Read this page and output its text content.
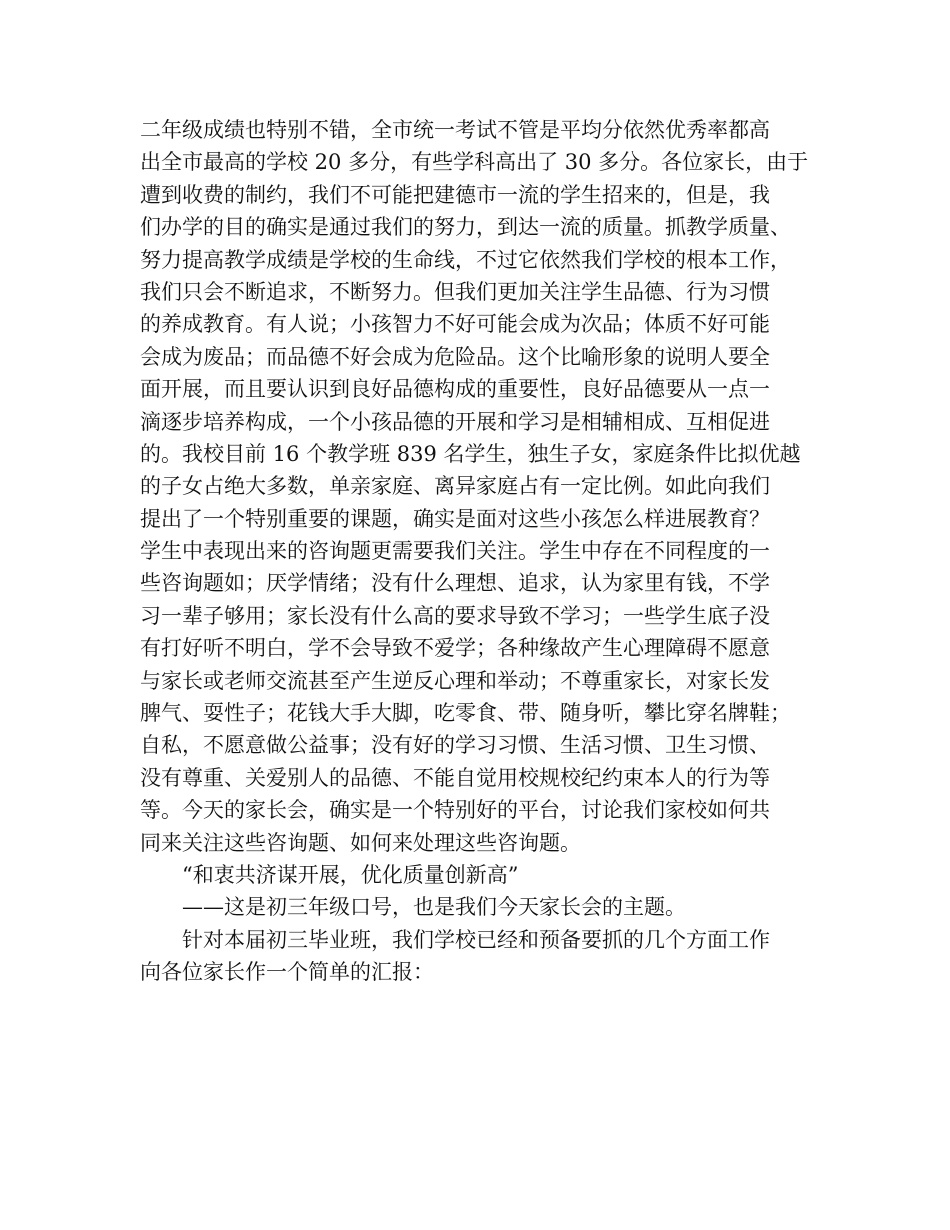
二年级成绩也特别不错，全市统一考试不管是平均分依然优秀率都高
出全市最高的学校 20 多分，有些学科高出了 30 多分。各位家长，由于
遭到收费的制约，我们不可能把建德市一流的学生招来的，但是，我
们办学的目的确实是通过我们的努力，到达一流的质量。抓教学质量、
努力提高教学成绩是学校的生命线，不过它依然我们学校的根本工作，
我们只会不断追求，不断努力。但我们更加关注学生品德、行为习惯
的养成教育。有人说；小孩智力不好可能会成为次品；体质不好可能
会成为废品；而品德不好会成为危险品。这个比喻形象的说明人要全
面开展，而且要认识到良好品德构成的重要性，良好品德要从一点一
滴逐步培养构成，一个小孩品德的开展和学习是相辅相成、互相促进
的。我校目前 16 个教学班 839 名学生，独生子女，家庭条件比拟优越
的子女占绝大多数，单亲家庭、离异家庭占有一定比例。如此向我们
提出了一个特别重要的课题，确实是面对这些小孩怎么样进展教育？
学生中表现出来的咨询题更需要我们关注。学生中存在不同程度的一
些咨询题如；厌学情绪；没有什么理想、追求，认为家里有钱，不学
习一辈子够用；家长没有什么高的要求导致不学习；一些学生底子没
有打好听不明白，学不会导致不爱学；各种缘故产生心理障碍不愿意
与家长或老师交流甚至产生逆反心理和举动；不尊重家长，对家长发
脾气、耍性子；花钱大手大脚，吃零食、带、随身听，攀比穿名牌鞋；
自私，不愿意做公益事；没有好的学习习惯、生活习惯、卫生习惯、
没有尊重、关爱别人的品德、不能自觉用校规校纪约束本人的行为等
等。今天的家长会，确实是一个特别好的平台，讨论我们家校如何共
同来关注这些咨询题、如何来处理这些咨询题。
“和衷共济谋开展，优化质量创新高”
——这是初三年级口号，也是我们今天家长会的主题。
针对本届初三毕业班，我们学校已经和预备要抓的几个方面工作
向各位家长作一个简单的汇报：
